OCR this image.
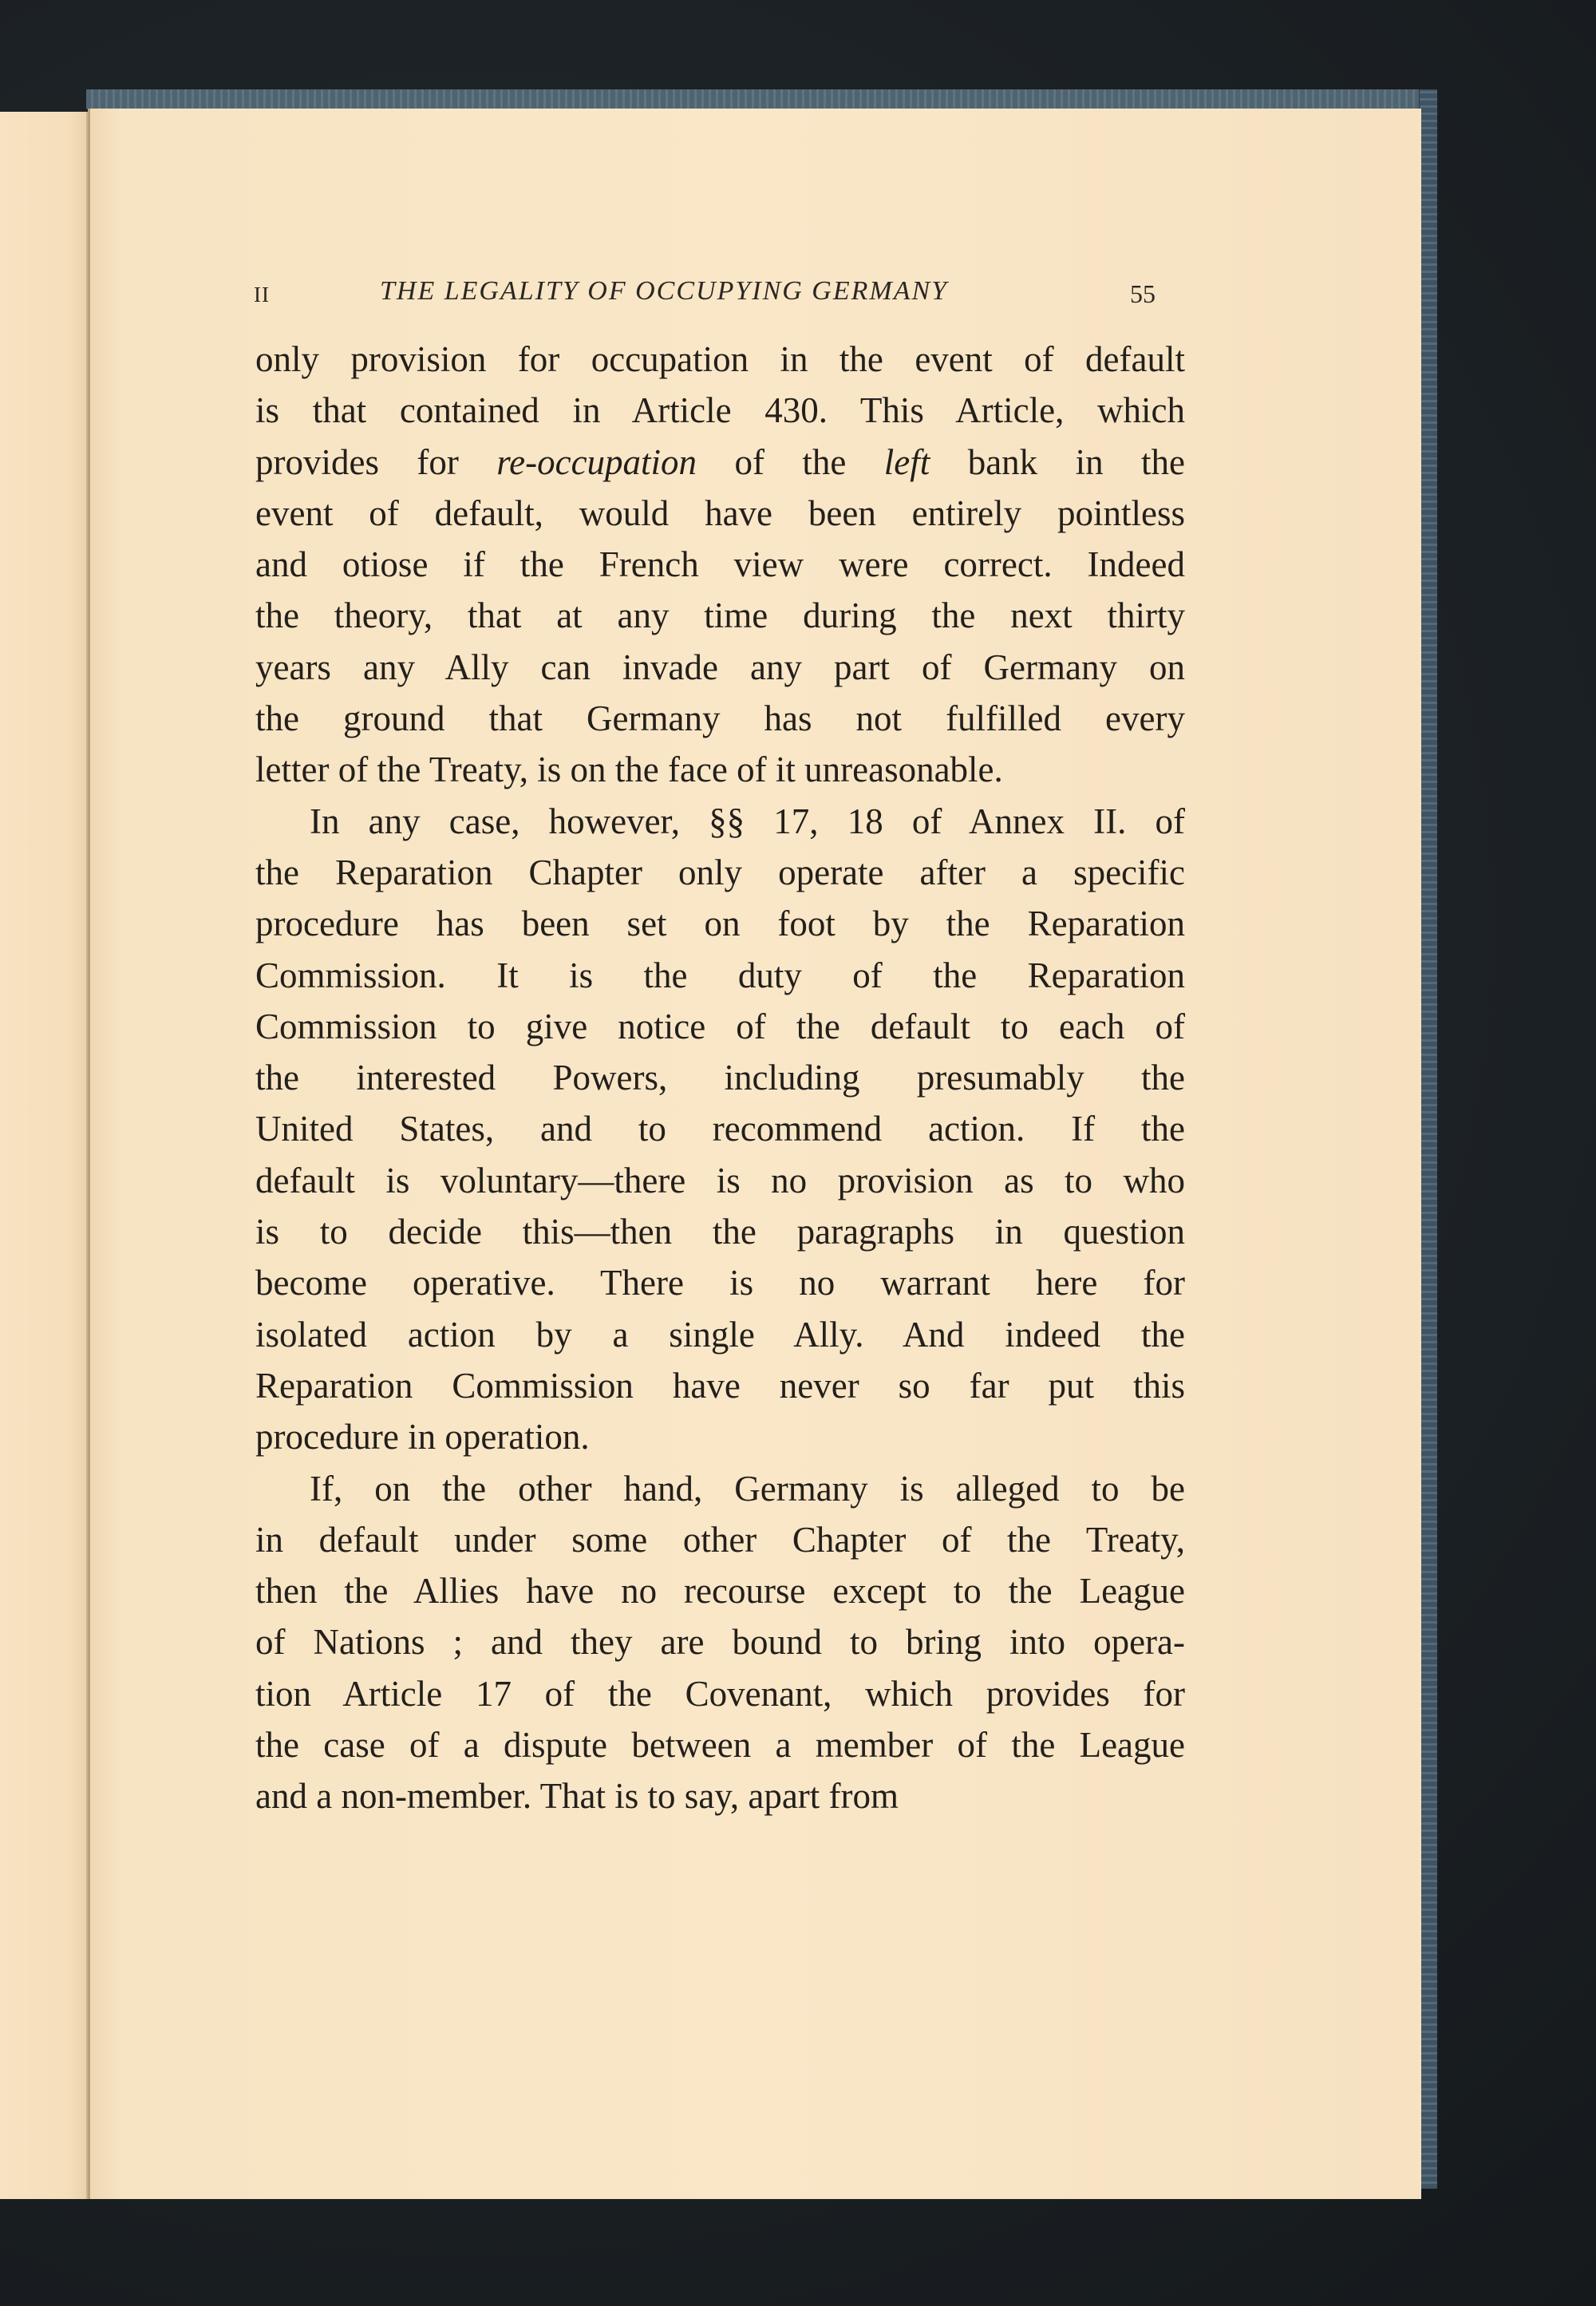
II	THE LEGALITY OF OCCUPYING GERMANY	55
only provision for occupation in the event of default
is that contained in Article 430. This Article, which
provides for re-occupation of the left bank in the
event of default, would have been entirely pointless
and otiose if the French view were correct. Indeed
the theory, that at any time during the next thirty
years any Ally can invade any part of Germany on
the ground that Germany has not fulfilled every
letter of the Treaty, is on the face of it unreasonable.
In any case, however, §§ 17, 18 of Annex II. of
the Reparation Chapter only operate after a specific
procedure has been set on foot by the Reparation
Commission. It is the duty of the Reparation
Commission to give notice of the default to each of
the interested Powers, including presumably the
United States, and to recommend action. If the
default is voluntary—there is no provision as to who
is to decide this—then the paragraphs in question
become operative. There is no warrant here for
isolated action by a single Ally. And indeed the
Reparation Commission have never so far put this
procedure in operation.
If, on the other hand, Germany is alleged to be
in default under some other Chapter of the Treaty,
then the Allies have no recourse except to the League
of Nations ; and they are bound to bring into opera-
tion Article 17 of the Covenant, which provides for
the case of a dispute between a member of the League
and a non-member. That is to say, apart from
